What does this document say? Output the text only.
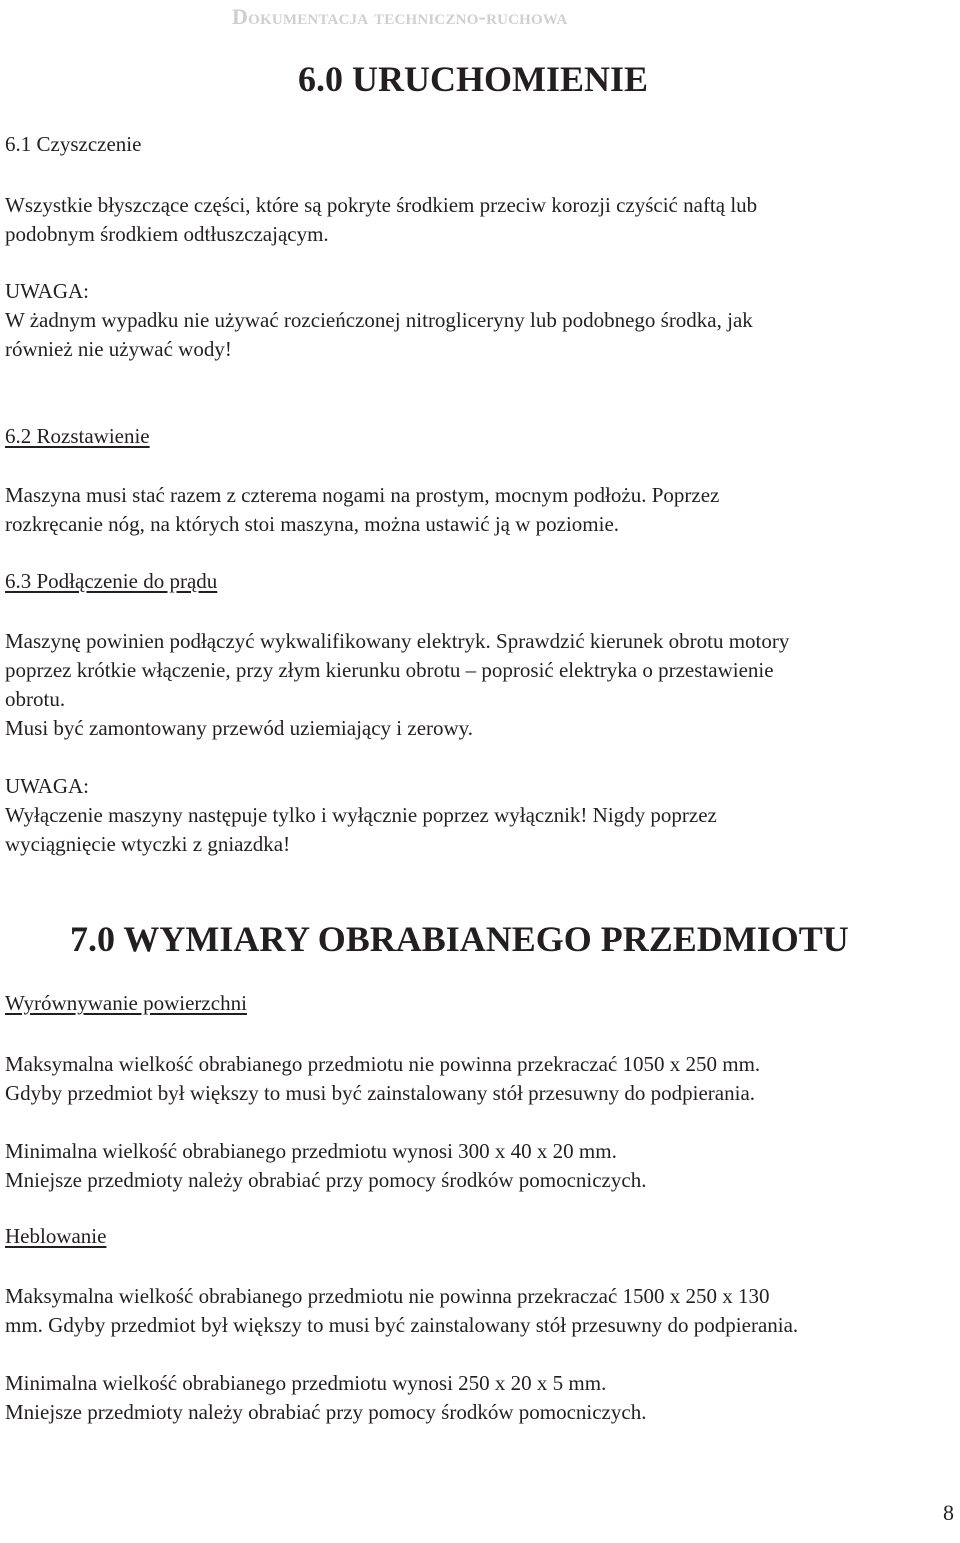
Dokumentacja techniczno-ruchowa
6.0 URUCHOMIENIE
6.1 Czyszczenie
Wszystkie błyszczące części, które są pokryte środkiem przeciw korozji czyścić naftą lub
podobnym środkiem odtłuszczającym.
UWAGA:
W żadnym wypadku nie używać rozcieńczonej nitrogliceryny lub podobnego środka, jak
również nie używać wody!
6.2 Rozstawienie
Maszyna musi stać razem z czterema nogami na prostym, mocnym podłożu. Poprzez
rozkręcanie nóg, na których stoi maszyna, można ustawić ją w poziomie.
6.3 Podłączenie do prądu
Maszynę powinien podłączyć wykwalifikowany elektryk. Sprawdzić kierunek obrotu motory
poprzez krótkie włączenie, przy złym kierunku obrotu – poprosić elektryka o przestawienie
obrotu.
Musi być zamontowany przewód uziemiający i zerowy.
UWAGA:
Wyłączenie maszyny następuje tylko i wyłącznie poprzez wyłącznik! Nigdy poprzez
wyciągnięcie wtyczki z gniazdka!
7.0 WYMIARY OBRABIANEGO PRZEDMIOTU
Wyrównywanie powierzchni
Maksymalna wielkość obrabianego przedmiotu nie powinna przekraczać 1050 x 250 mm.
Gdyby przedmiot był większy to musi być zainstalowany stół przesuwny do podpierania.
Minimalna wielkość obrabianego przedmiotu wynosi 300 x 40 x 20 mm.
Mniejsze przedmioty należy obrabiać przy pomocy środków pomocniczych.
Heblowanie
Maksymalna wielkość obrabianego przedmiotu nie powinna przekraczać 1500 x 250 x 130
mm. Gdyby przedmiot był większy to musi być zainstalowany stół przesuwny do podpierania.
Minimalna wielkość obrabianego przedmiotu wynosi 250 x 20 x 5 mm.
Mniejsze przedmioty należy obrabiać przy pomocy środków pomocniczych.
8
